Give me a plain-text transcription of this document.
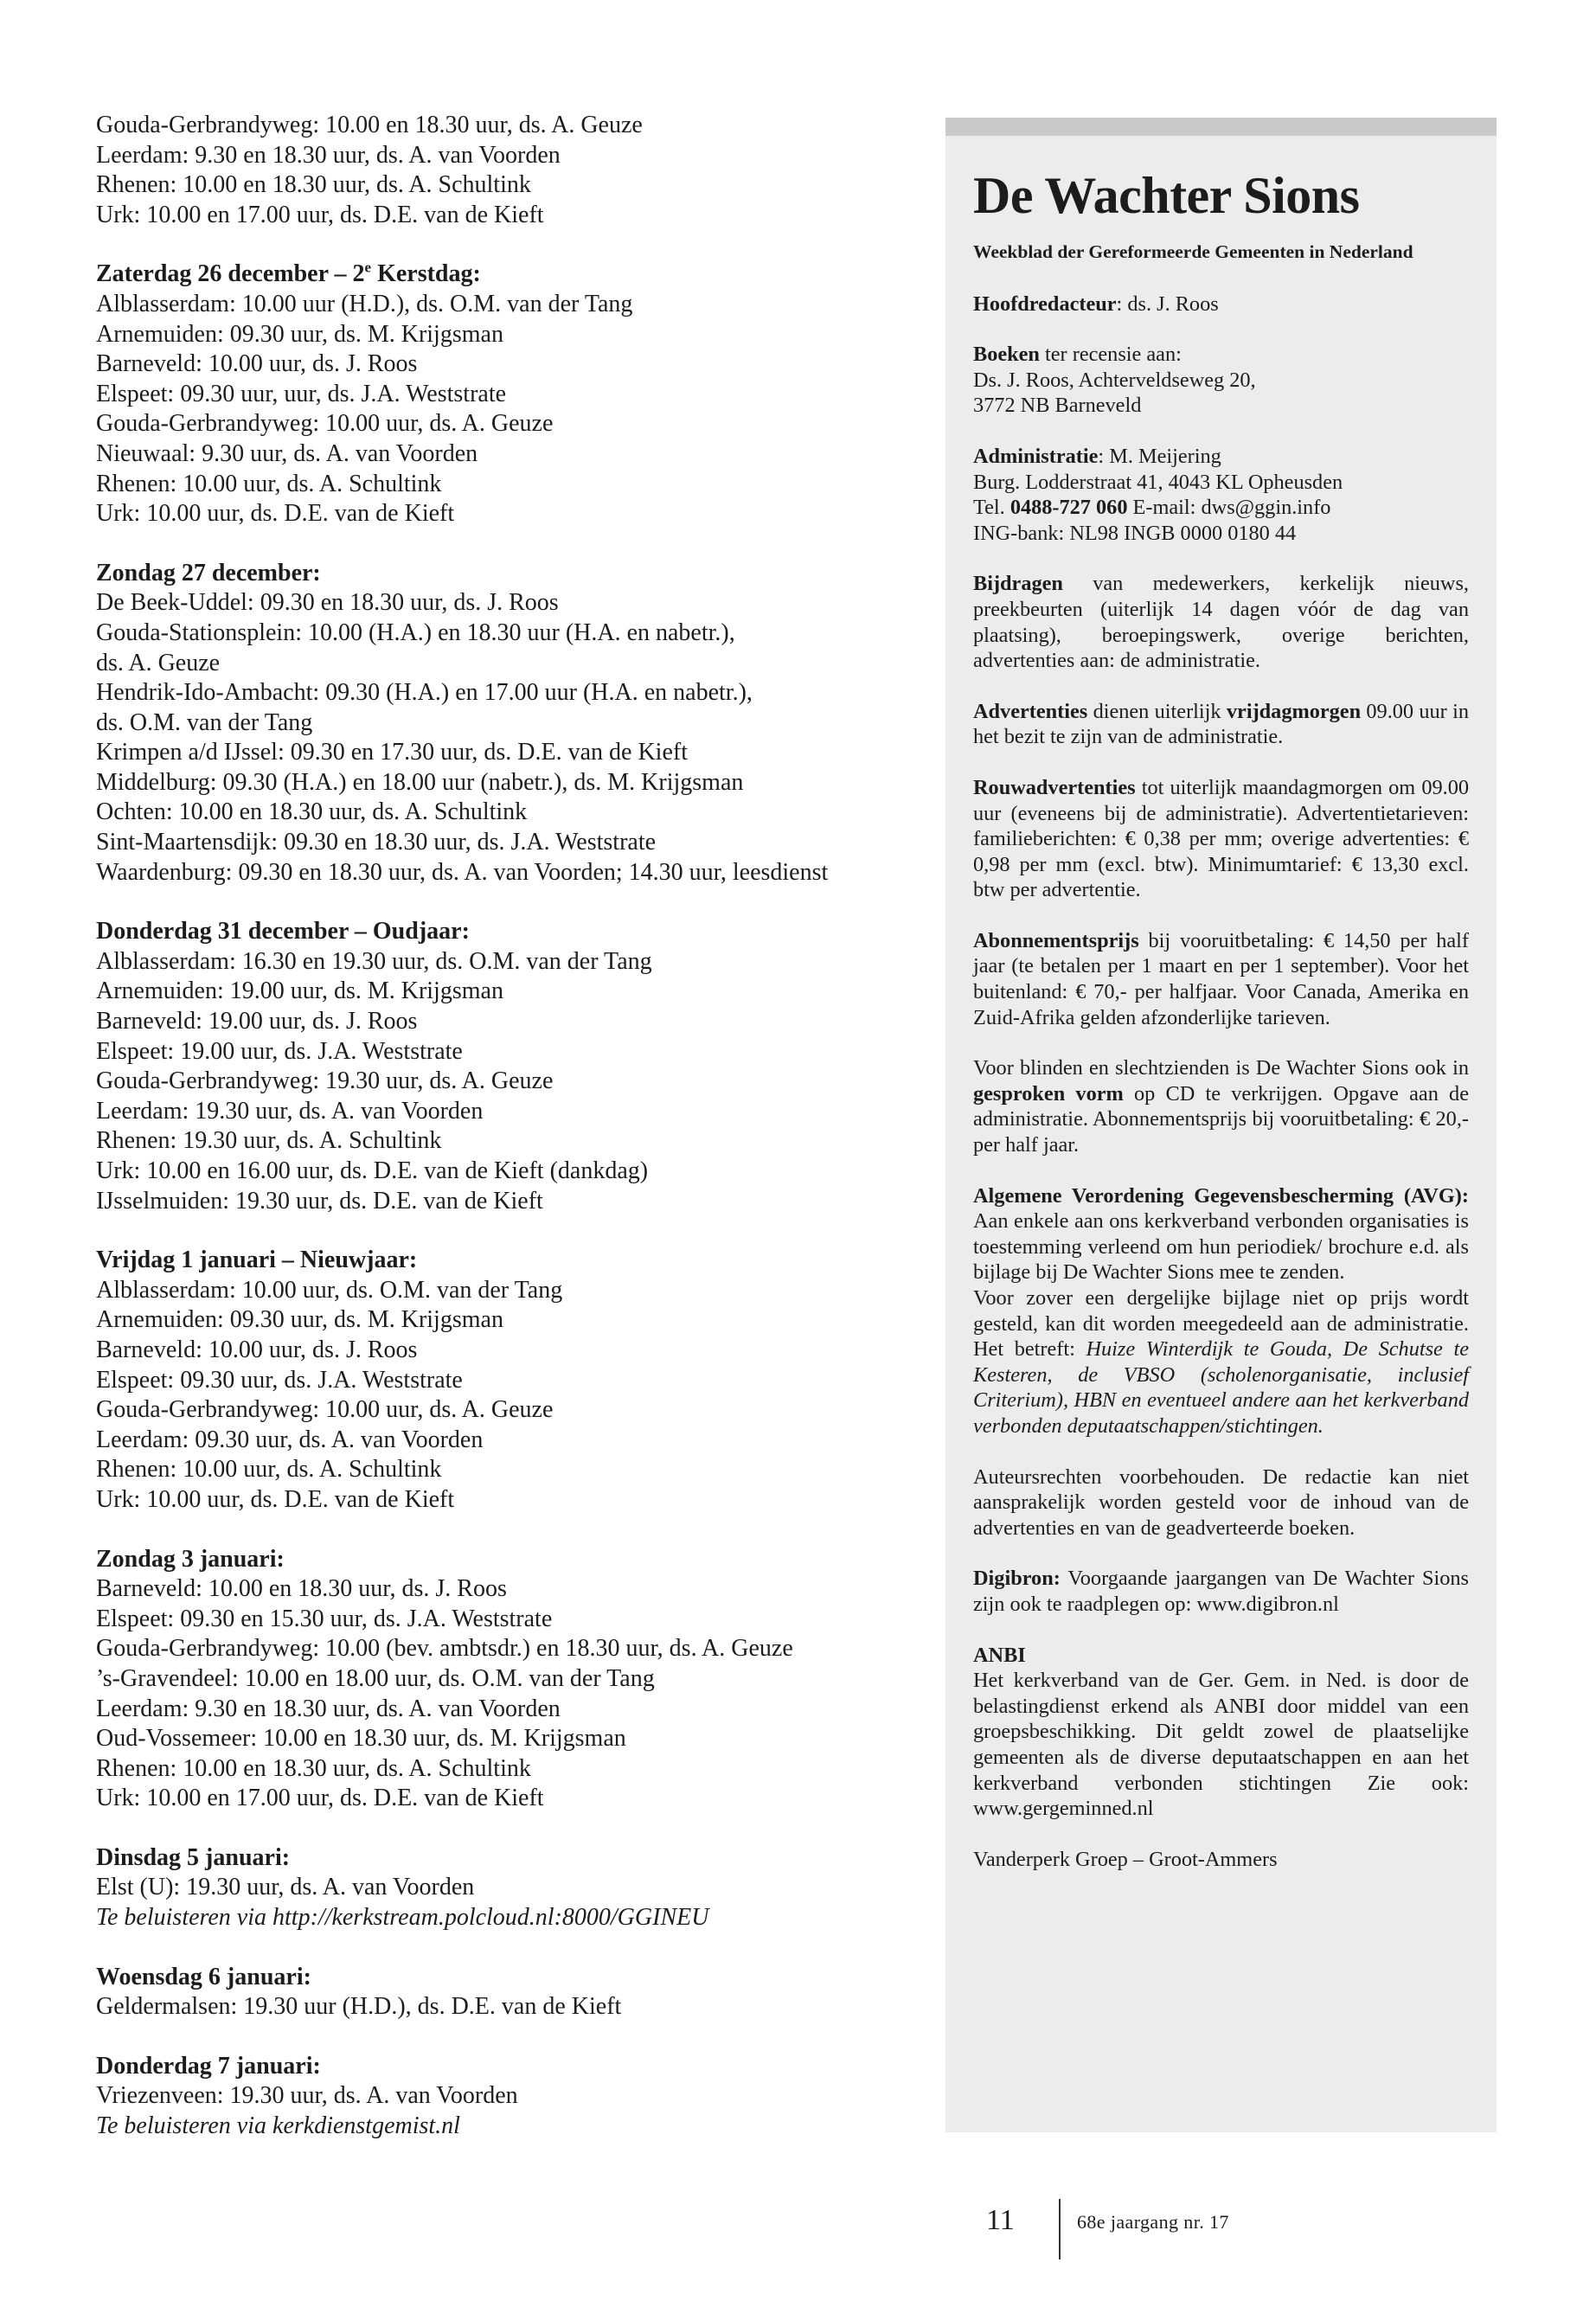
Gouda-Gerbrandyweg: 10.00 en 18.30 uur, ds. A. Geuze
Leerdam: 9.30 en 18.30 uur, ds. A. van Voorden
Rhenen: 10.00 en 18.30 uur, ds. A. Schultink
Urk: 10.00 en 17.00 uur, ds. D.E. van de Kieft
Zaterdag 26 december – 2e Kerstdag:
Alblasserdam: 10.00 uur (H.D.), ds. O.M. van der Tang
Arnemuiden: 09.30 uur, ds. M. Krijgsman
Barneveld: 10.00 uur, ds. J. Roos
Elspeet: 09.30 uur, uur, ds. J.A. Weststrate
Gouda-Gerbrandyweg: 10.00 uur, ds. A. Geuze
Nieuwaal: 9.30 uur, ds. A. van Voorden
Rhenen: 10.00 uur, ds. A. Schultink
Urk: 10.00 uur, ds. D.E. van de Kieft
Zondag 27 december:
De Beek-Uddel: 09.30 en 18.30 uur, ds. J. Roos
Gouda-Stationsplein: 10.00 (H.A.) en 18.30 uur (H.A. en nabetr.),
ds. A. Geuze
Hendrik-Ido-Ambacht: 09.30 (H.A.) en 17.00 uur (H.A. en nabetr.),
ds. O.M. van der Tang
Krimpen a/d IJssel: 09.30 en 17.30 uur, ds. D.E. van de Kieft
Middelburg: 09.30 (H.A.) en 18.00 uur (nabetr.), ds. M. Krijgsman
Ochten: 10.00 en 18.30 uur, ds. A. Schultink
Sint-Maartensdijk: 09.30 en 18.30 uur, ds. J.A. Weststrate
Waardenburg: 09.30 en 18.30 uur, ds. A. van Voorden; 14.30 uur, leesdienst
Donderdag 31 december – Oudjaar:
Alblasserdam: 16.30 en 19.30 uur, ds. O.M. van der Tang
Arnemuiden: 19.00 uur, ds. M. Krijgsman
Barneveld: 19.00 uur, ds. J. Roos
Elspeet: 19.00 uur, ds. J.A. Weststrate
Gouda-Gerbrandyweg: 19.30 uur, ds. A. Geuze
Leerdam: 19.30 uur, ds. A. van Voorden
Rhenen: 19.30 uur, ds. A. Schultink
Urk: 10.00 en 16.00 uur, ds. D.E. van de Kieft (dankdag)
IJsselmuiden: 19.30 uur, ds. D.E. van de Kieft
Vrijdag 1 januari – Nieuwjaar:
Alblasserdam: 10.00 uur, ds. O.M. van der Tang
Arnemuiden: 09.30 uur, ds. M. Krijgsman
Barneveld: 10.00 uur, ds. J. Roos
Elspeet: 09.30 uur, ds. J.A. Weststrate
Gouda-Gerbrandyweg: 10.00 uur, ds. A. Geuze
Leerdam: 09.30 uur, ds. A. van Voorden
Rhenen: 10.00 uur, ds. A. Schultink
Urk: 10.00 uur, ds. D.E. van de Kieft
Zondag 3 januari:
Barneveld: 10.00 en 18.30 uur, ds. J. Roos
Elspeet: 09.30 en 15.30 uur, ds. J.A. Weststrate
Gouda-Gerbrandyweg: 10.00 (bev. ambtsdr.) en 18.30 uur, ds. A. Geuze
’s-Gravendeel: 10.00 en 18.00 uur, ds. O.M. van der Tang
Leerdam: 9.30 en 18.30 uur, ds. A. van Voorden
Oud-Vossemeer: 10.00 en 18.30 uur, ds. M. Krijgsman
Rhenen: 10.00 en 18.30 uur, ds. A. Schultink
Urk: 10.00 en 17.00 uur, ds. D.E. van de Kieft
Dinsdag 5 januari:
Elst (U): 19.30 uur, ds. A. van Voorden
Te beluisteren via http://kerkstream.polcloud.nl:8000/GGINEU
Woensdag 6 januari:
Geldermalsen: 19.30 uur (H.D.), ds. D.E. van de Kieft
Donderdag 7 januari:
Vriezenveen: 19.30 uur, ds. A. van Voorden
Te beluisteren via kerkdienstgemist.nl
De Wachter Sions
Weekblad der Gereformeerde Gemeenten in Nederland
Hoofdredacteur: ds. J. Roos
Boeken ter recensie aan:
Ds. J. Roos, Achterveldseweg 20,
3772 NB Barneveld
Administratie: M. Meijering
Burg. Lodderstraat 41, 4043 KL Opheusden
Tel. 0488-727 060 E-mail: dws@ggin.info
ING-bank: NL98 INGB 0000 0180 44
Bijdragen van medewerkers, kerkelijk nieuws, preekbeurten (uiterlijk 14 dagen vóór de dag van plaatsing), beroepingswerk, overige berichten, advertenties aan: de administratie.
Advertenties dienen uiterlijk vrijdagmorgen 09.00 uur in het bezit te zijn van de administratie.
Rouwadvertenties tot uiterlijk maandagmorgen om 09.00 uur (eveneens bij de administratie). Advertentietarieven: familieberichten: € 0,38 per mm; overige advertenties: € 0,98 per mm (excl. btw). Minimumtarief: € 13,30 excl. btw per advertentie.
Abonnementsprijs bij vooruitbetaling: € 14,50 per half jaar (te betalen per 1 maart en per 1 september). Voor het buitenland: € 70,- per halfjaar. Voor Canada, Amerika en Zuid-Afrika gelden afzonderlijke tarieven.
Voor blinden en slechtzienden is De Wachter Sions ook in gesproken vorm op CD te verkrijgen. Opgave aan de administratie. Abonnementsprijs bij vooruitbetaling: € 20,- per half jaar.
Algemene Verordening Gegevensbescherming (AVG): Aan enkele aan ons kerkverband verbonden organisaties is toestemming verleend om hun periodiek/ brochure e.d. als bijlage bij De Wachter Sions mee te zenden.
Voor zover een dergelijke bijlage niet op prijs wordt gesteld, kan dit worden meegedeeld aan de administratie. Het betreft: Huize Winterdijk te Gouda, De Schutse te Kesteren, de VBSO (scholenorganisatie, inclusief Criterium), HBN en eventueel andere aan het kerkverband verbonden deputaatschappen/stichtingen.
Auteursrechten voorbehouden. De redactie kan niet aansprakelijk worden gesteld voor de inhoud van de advertenties en van de geadverteerde boeken.
Digibron: Voorgaande jaargangen van De Wachter Sions zijn ook te raadplegen op: www.digibron.nl
ANBI
Het kerkverband van de Ger. Gem. in Ned. is door de belastingdienst erkend als ANBI door middel van een groepsbeschikking. Dit geldt zowel de plaatselijke gemeenten als de diverse deputaatschappen en aan het kerkverband verbonden stichtingen Zie ook: www.gergeminned.nl
Vanderperk Groep – Groot-Ammers
11	68e jaargang nr. 17
